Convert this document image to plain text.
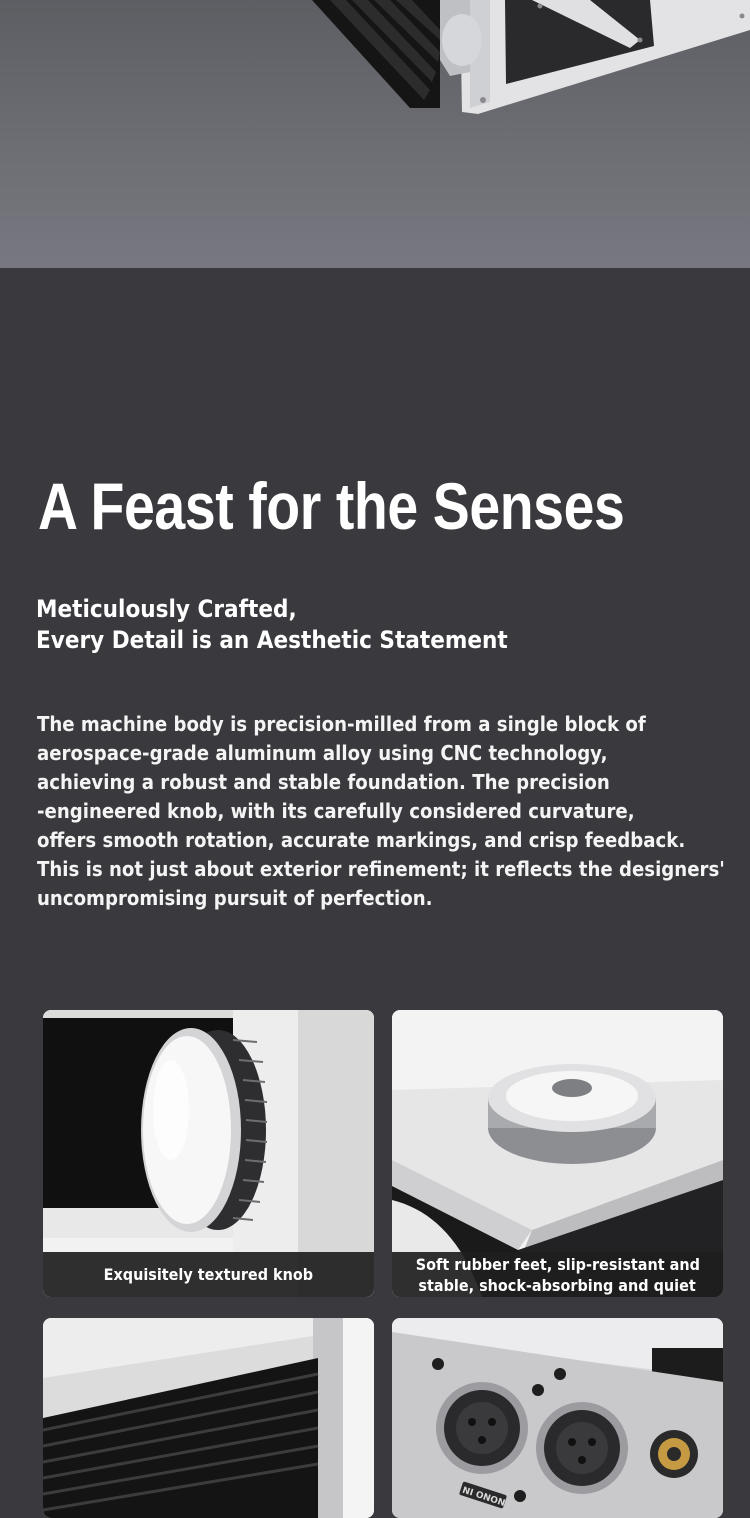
A Feast for the Senses
Meticulously Crafted,
Every Detail is an Aesthetic Statement

The machine body is precision-milled from a single block of
aerospace-grade aluminum alloy using CNC technology,
achieving a robust and stable foundation. The precision
-engineered knob, with its carefully considered curvature,
offers smooth rotation, accurate markings, and crisp feedback.
This is not just about exterior refinement; it reflects the designers'
uncompromising pursuit of perfection.

Exquisitely textured knob
Soft rubber feet, slip-resistant and
stable, shock-absorbing and quiet
NI ONON
